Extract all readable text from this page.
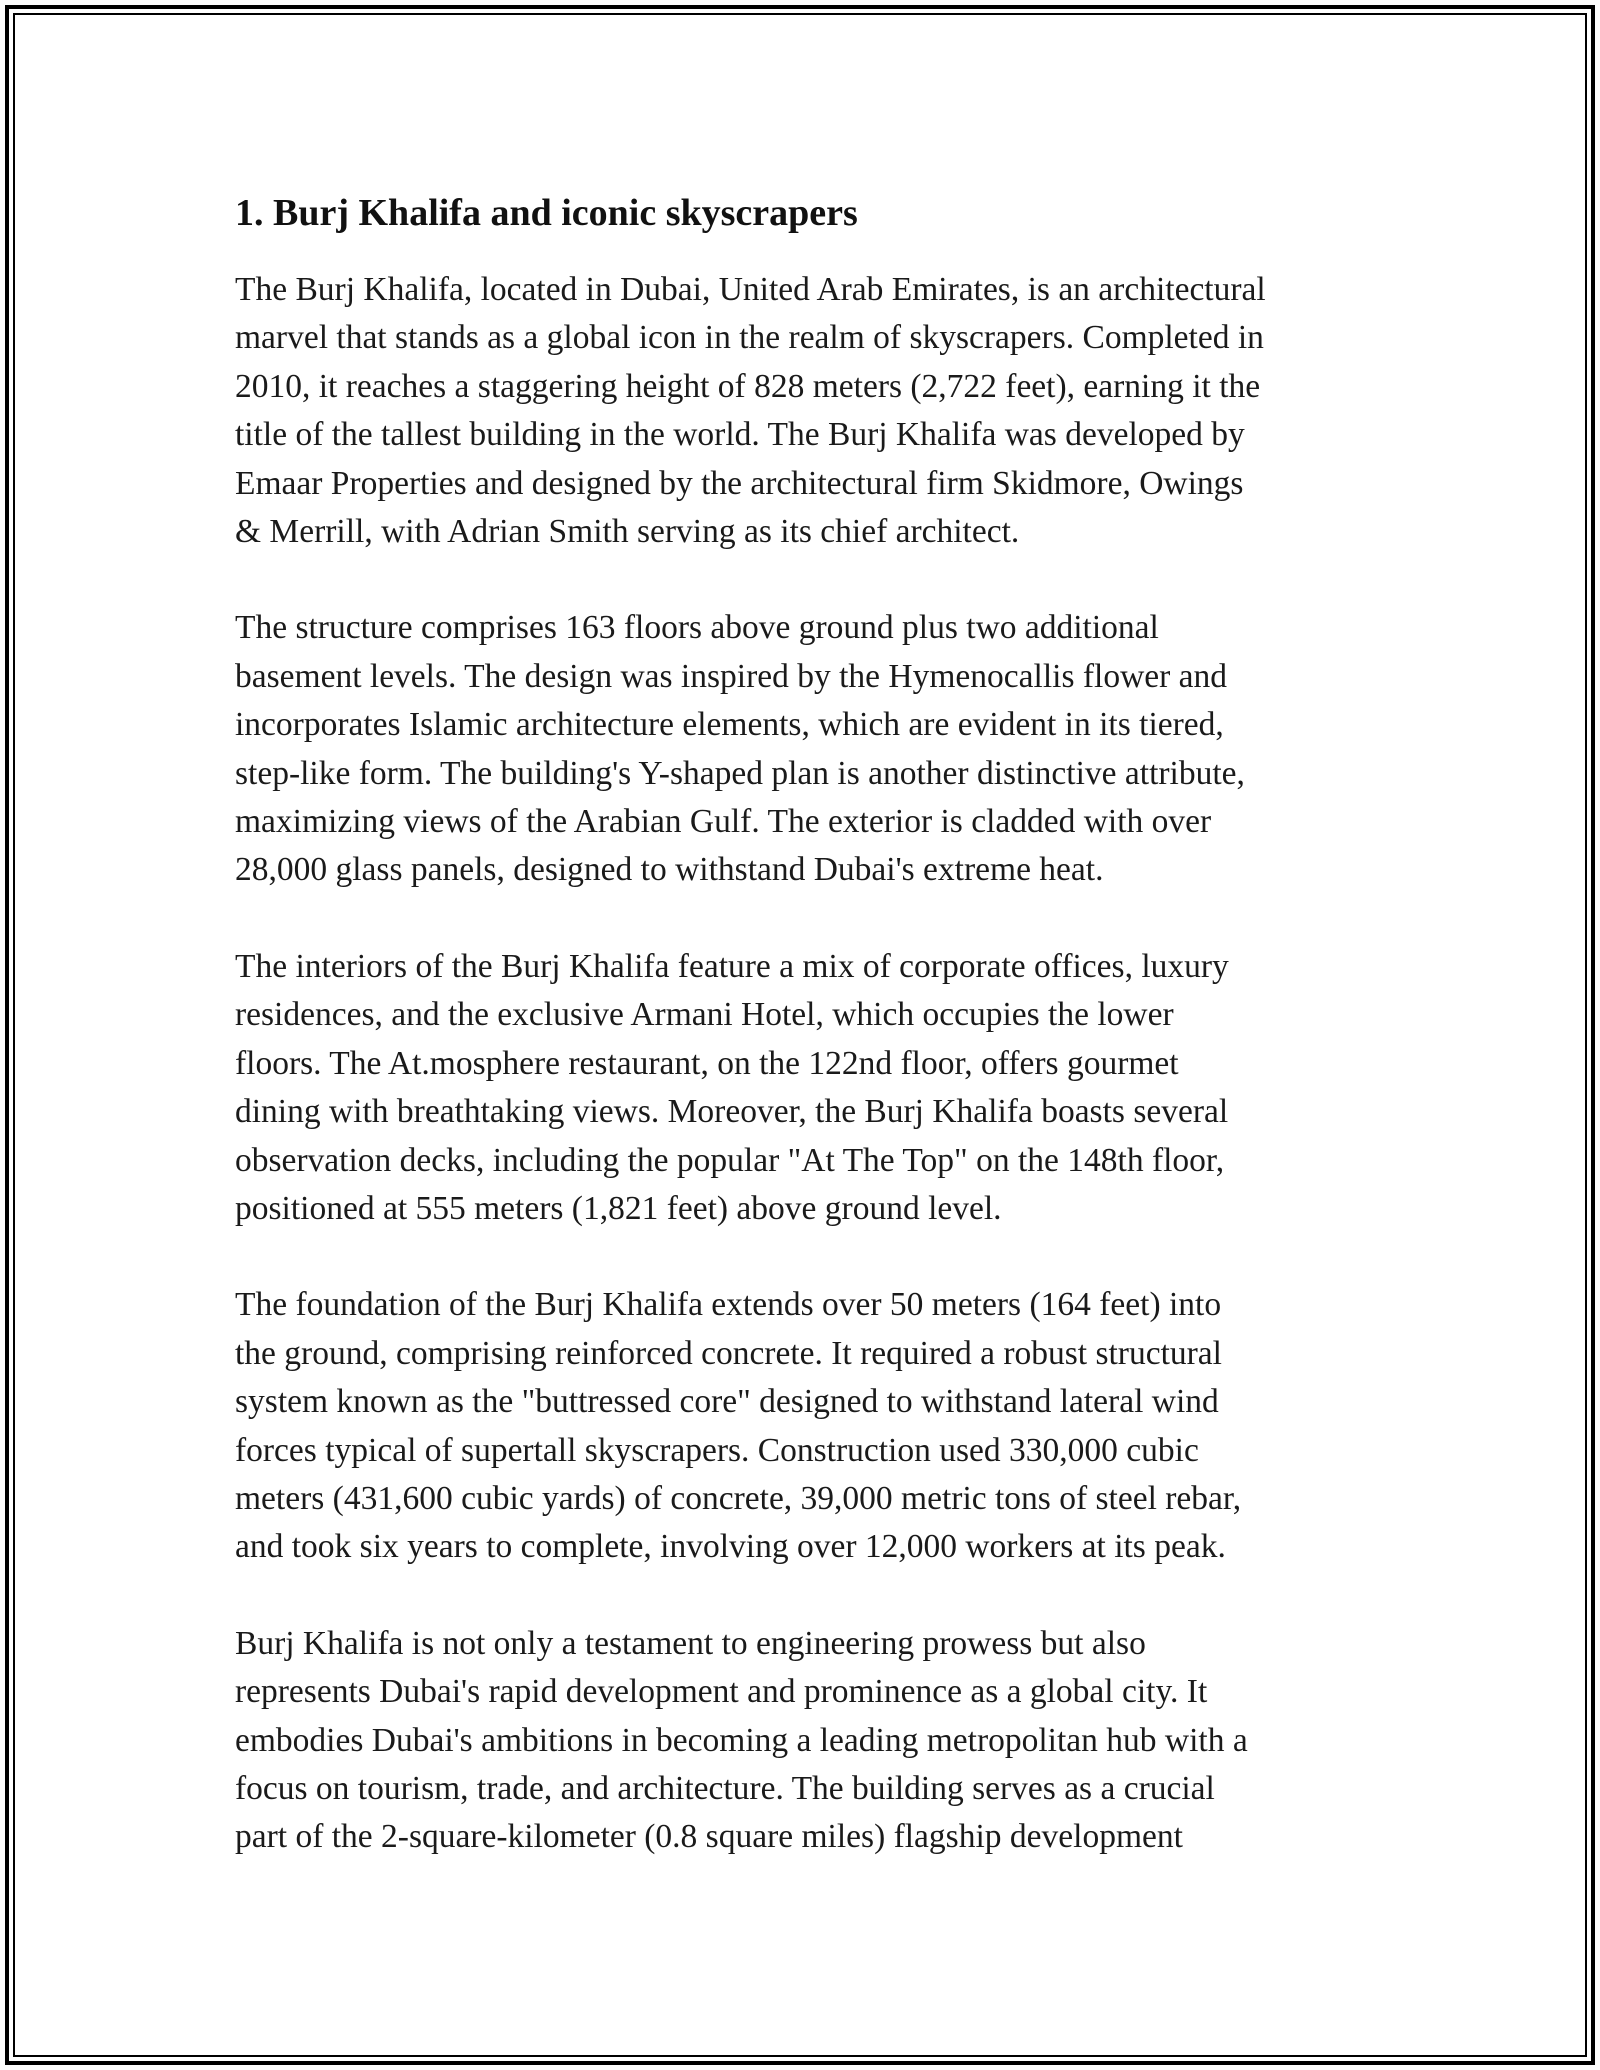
1. Burj Khalifa and iconic skyscrapers

The Burj Khalifa, located in Dubai, United Arab Emirates, is an architectural
marvel that stands as a global icon in the realm of skyscrapers. Completed in
2010, it reaches a staggering height of 828 meters (2,722 feet), earning it the
title of the tallest building in the world. The Burj Khalifa was developed by
Emaar Properties and designed by the architectural firm Skidmore, Owings
& Merrill, with Adrian Smith serving as its chief architect.

The structure comprises 163 floors above ground plus two additional
basement levels. The design was inspired by the Hymenocallis flower and
incorporates Islamic architecture elements, which are evident in its tiered,
step-like form. The building's Y-shaped plan is another distinctive attribute,
maximizing views of the Arabian Gulf. The exterior is cladded with over
28,000 glass panels, designed to withstand Dubai's extreme heat.

The interiors of the Burj Khalifa feature a mix of corporate offices, luxury
residences, and the exclusive Armani Hotel, which occupies the lower
floors. The At.mosphere restaurant, on the 122nd floor, offers gourmet
dining with breathtaking views. Moreover, the Burj Khalifa boasts several
observation decks, including the popular "At The Top" on the 148th floor,
positioned at 555 meters (1,821 feet) above ground level.

The foundation of the Burj Khalifa extends over 50 meters (164 feet) into
the ground, comprising reinforced concrete. It required a robust structural
system known as the "buttressed core" designed to withstand lateral wind
forces typical of supertall skyscrapers. Construction used 330,000 cubic
meters (431,600 cubic yards) of concrete, 39,000 metric tons of steel rebar,
and took six years to complete, involving over 12,000 workers at its peak.

Burj Khalifa is not only a testament to engineering prowess but also
represents Dubai's rapid development and prominence as a global city. It
embodies Dubai's ambitions in becoming a leading metropolitan hub with a
focus on tourism, trade, and architecture. The building serves as a crucial
part of the 2-square-kilometer (0.8 square miles) flagship development
